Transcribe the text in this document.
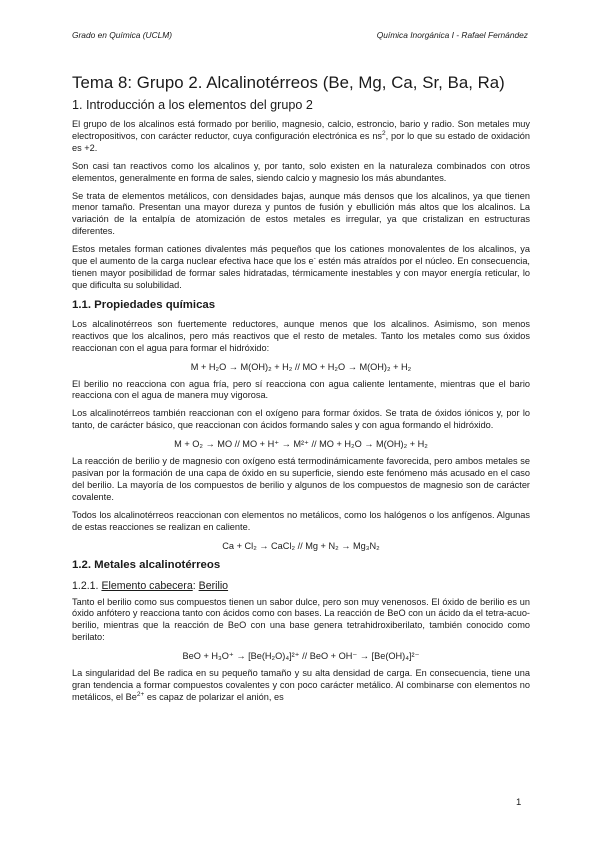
Grado en Química (UCLM)	Química Inorgánica I - Rafael Fernández
Tema 8: Grupo 2. Alcalinotérreos (Be, Mg, Ca, Sr, Ba, Ra)
1. Introducción a los elementos del grupo 2

El grupo de los alcalinos está formado por berilio, magnesio, calcio, estroncio, bario y radio. Son metales muy electropositivos, con carácter reductor, cuya configuración electrónica es $ns^2$, por lo que su estado de oxidación es +2.

Son casi tan reactivos como los alcalinos y, por tanto, solo existen en la naturaleza combinados con otros elementos, generalmente en forma de sales, siendo calcio y magnesio los más abundantes.

Se trata de elementos metálicos, con densidades bajas, aunque más densos que los alcalinos, ya que tienen menor tamaño. Presentan una mayor dureza y puntos de fusión y ebullición más altos que los alcalinos. La variación de la entalpía de atomización de estos metales es irregular, ya que cristalizan en estructuras diferentes.

Estos metales forman cationes divalentes más pequeños que los cationes monovalentes de los alcalinos, ya que el aumento de la carga nuclear efectiva hace que los e- estén más atraídos por el núcleo. En consecuencia, tienen mayor posibilidad de formar sales hidratadas, térmicamente inestables y con mayor energía reticular, lo que dificulta su solubilidad.

1.1. Propiedades químicas

Los alcalinotérreos son fuertemente reductores, aunque menos que los alcalinos. Asimismo, son menos reactivos que los alcalinos, pero más reactivos que el resto de metales. Tanto los metales como sus óxidos reaccionan con el agua para formar el hidróxido:

M + H₂O → M(OH)₂ + H₂ // MO + H₂O → M(OH)₂ + H₂

El berilio no reacciona con agua fría, pero sí reacciona con agua caliente lentamente, mientras que el bario reacciona con el agua de manera muy vigorosa.

Los alcalinotérreos también reaccionan con el oxígeno para formar óxidos. Se trata de óxidos iónicos y, por lo tanto, de carácter básico, que reaccionan con ácidos formando sales y con agua formando el hidróxido.

M + O₂ → MO // MO + H⁺ → M²⁺ // MO + H₂O → M(OH)₂ + H₂

La reacción de berilio y de magnesio con oxígeno está termodinámicamente favorecida, pero ambos metales se pasivan por la formación de una capa de óxido en su superficie, siendo este fenómeno más acusado en el caso del berilio. La mayoría de los compuestos de berilio y algunos de los compuestos de magnesio son de carácter covalente.

Todos los alcalinotérreos reaccionan con elementos no metálicos, como los halógenos o los anfígenos. Algunas de estas reacciones se realizan en caliente.

Ca + Cl₂ → CaCl₂ // Mg + N₂ → Mg₃N₂
1.2. Metales alcalinotérreos
1.2.1. Elemento cabecera: Berilio

Tanto el berilio como sus compuestos tienen un sabor dulce, pero son muy venenosos. El óxido de berilio es un óxido anfótero y reacciona tanto con ácidos como con bases. La reacción de BeO con un ácido da el tetra-acuo-berilio, mientras que la reacción de BeO con una base genera tetrahidroxiberilato, también conocido como berilato:

BeO + H₃O⁺ → [Be(H₂O)₄]²⁺ // BeO + OH⁻ → [Be(OH)₄]²⁻

La singularidad del Be radica en su pequeño tamaño y su alta densidad de carga. En consecuencia, tiene una gran tendencia a formar compuestos covalentes y con poco carácter metálico. Al combinarse con elementos no metálicos, el $Be^{2+}$ es capaz de polarizar el anión, es

1
